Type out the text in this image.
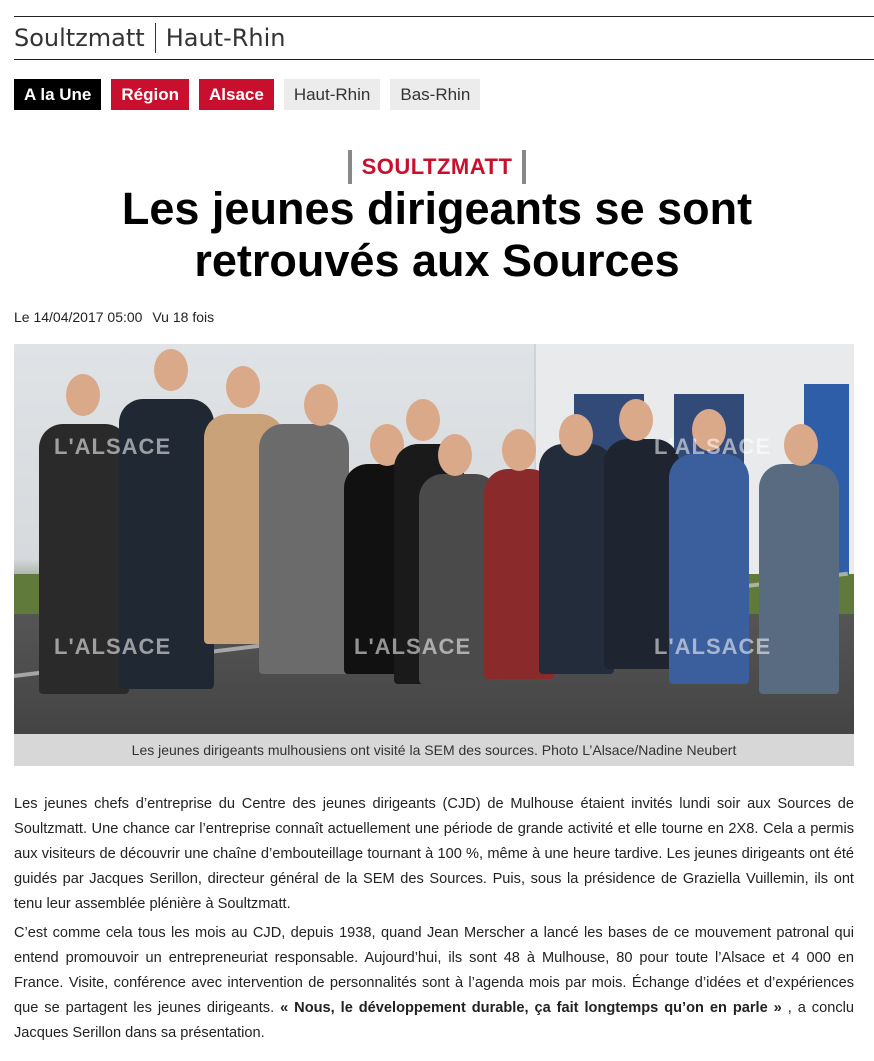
Soultzmatt Haut-Rhin
A la Une	Région	Alsace	Haut-Rhin	Bas-Rhin
SOULTZMATT
Les jeunes dirigeants se sont
retrouvés aux Sources
Le 14/04/2017 05:00 Vu 18 fois
L'ALSACE	L'ALSACE
L'ALSACE	L'ALSACE	L'ALSACE
Les jeunes dirigeants mulhousiens ont visité la SEM des sources. Photo L’Alsace/Nadine Neubert

Les jeunes chefs d’entreprise du Centre des jeunes dirigeants (CJD) de Mulhouse étaient invités lundi soir aux Sources de Soultzmatt. Une chance car l’entreprise connaît actuellement une période de grande activité et elle tourne en 2X8. Cela a permis aux visiteurs de découvrir une chaîne d’embouteillage tournant à 100 %, même à une heure tardive. Les jeunes dirigeants ont été guidés par Jacques Serillon, directeur général de la SEM des Sources. Puis, sous la présidence de Graziella Vuillemin, ils ont tenu leur assemblée plénière à Soultzmatt.

C’est comme cela tous les mois au CJD, depuis 1938, quand Jean Merscher a lancé les bases de ce mouvement patronal qui entend promouvoir un entrepreneuriat responsable. Aujourd’hui, ils sont 48 à Mulhouse, 80 pour toute l’Alsace et 4 000 en France. Visite, conférence avec intervention de personnalités sont à l’agenda mois par mois. Échange d’idées et d’expériences que se partagent les jeunes dirigeants. « Nous, le développement durable, ça fait longtemps qu’on en parle » , a conclu Jacques Serillon dans sa présentation.
